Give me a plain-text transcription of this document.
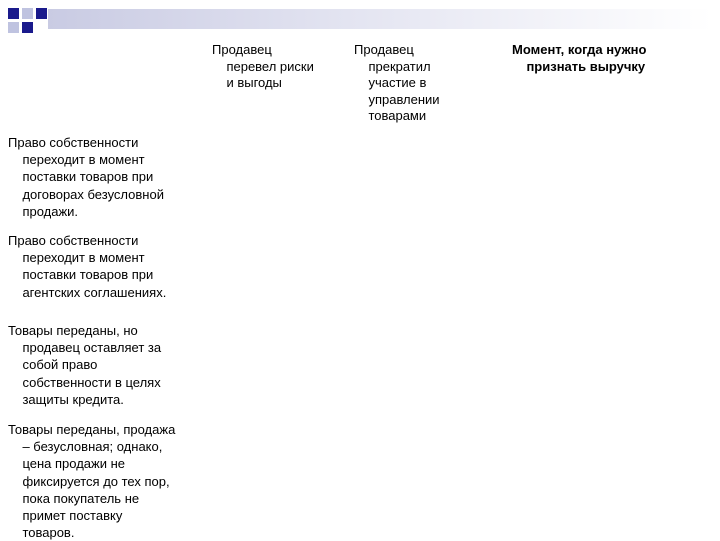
Продавец
перевел риски
и выгоды
Продавец
прекратил
участие в
управлении
товарами
Момент, когда нужно
признать выручку
Право собственности
переходит в момент
поставки товаров при
договорах безусловной
продажи.
Право собственности
переходит в момент
поставки товаров при
агентских соглашениях.
Товары переданы, но
продавец оставляет за
собой право
собственности в целях
защиты кредита.
Товары переданы, продажа
– безусловная; однако,
цена продажи не
фиксируется до тех пор,
пока покупатель не
примет поставку
товаров.
